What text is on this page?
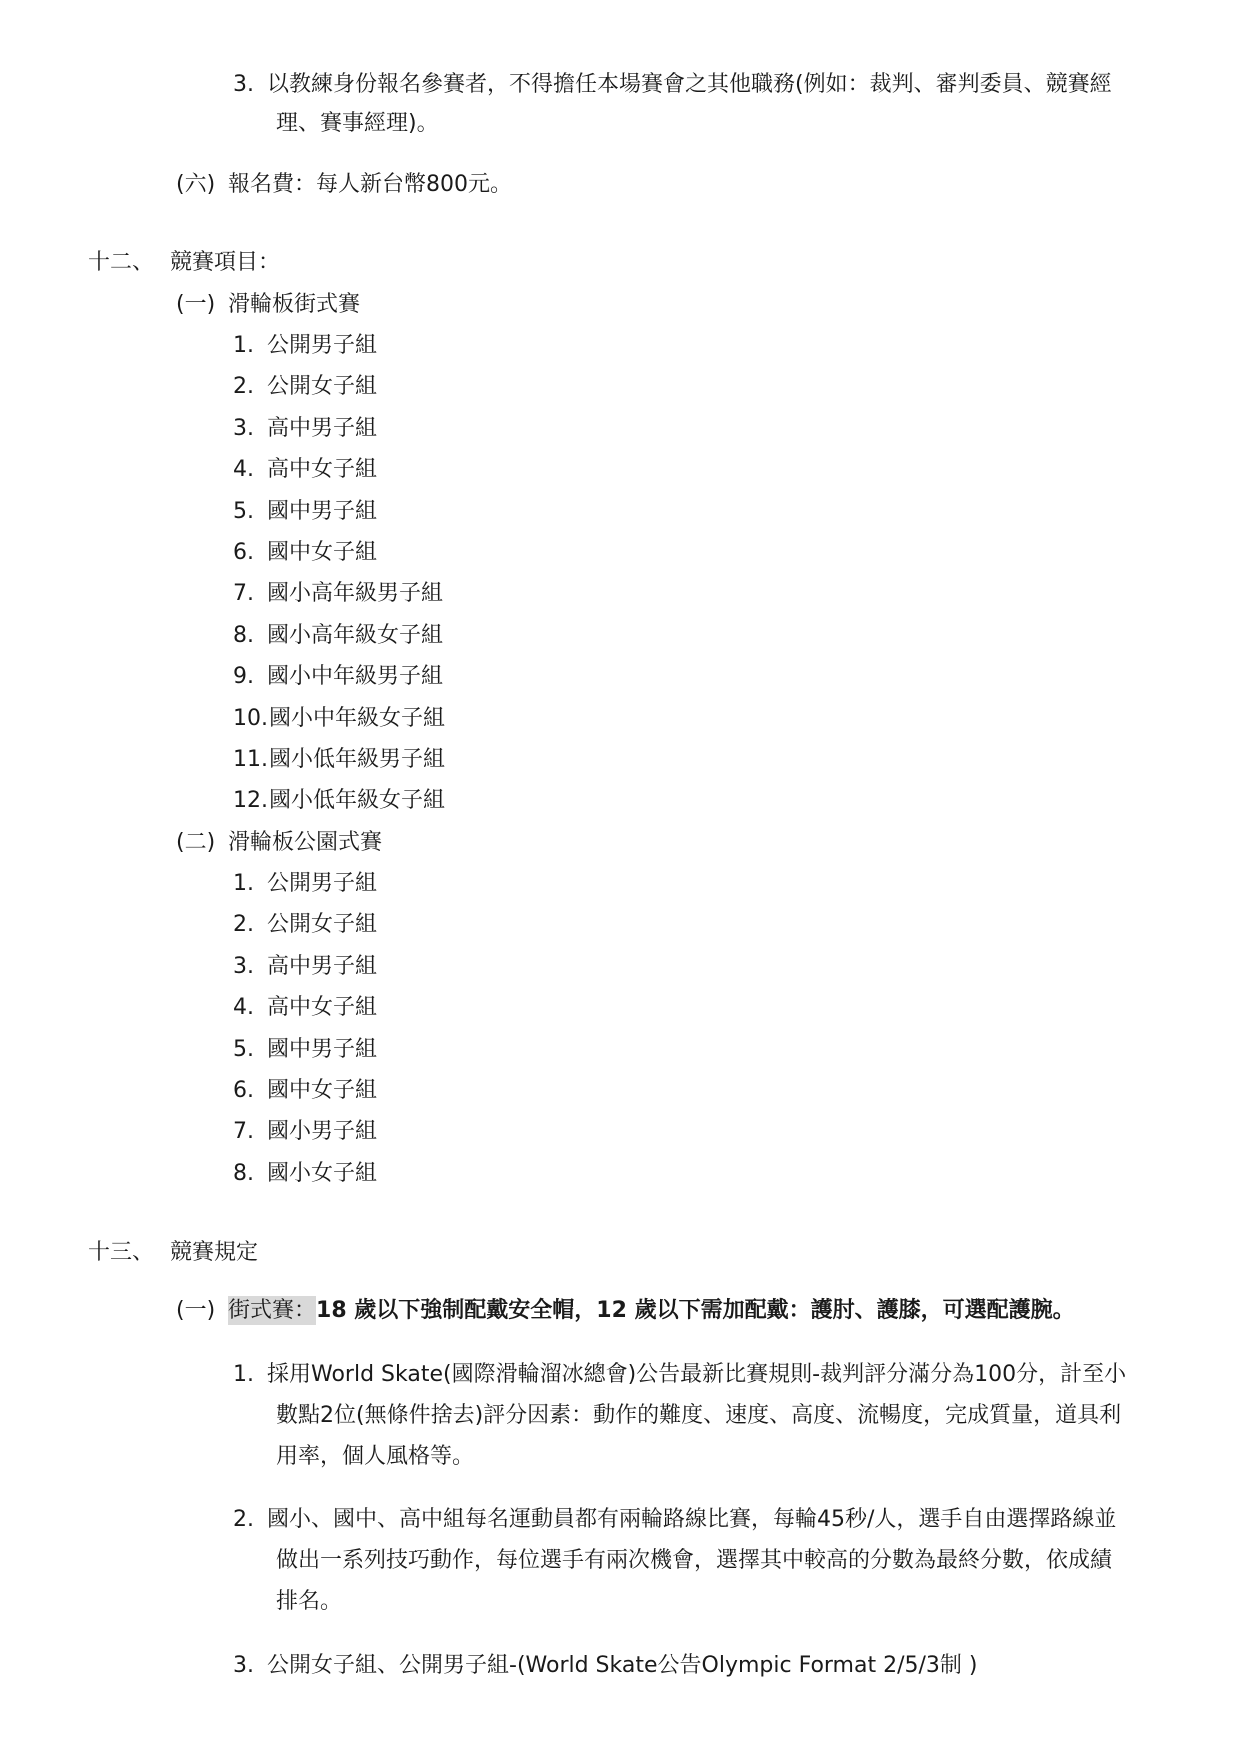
3. 以教練身份報名參賽者，不得擔任本場賽會之其他職務(例如：裁判、審判委員、競賽經
理、賽事經理)。
(六) 報名費：每人新台幣800元。
十二、 競賽項目：
(一) 滑輪板街式賽
1. 公開男子組
2. 公開女子組
3. 高中男子組
4. 高中女子組
5. 國中男子組
6. 國中女子組
7. 國小高年級男子組
8. 國小高年級女子組
9. 國小中年級男子組
10. 國小中年級女子組
11. 國小低年級男子組
12. 國小低年級女子組
(二) 滑輪板公園式賽
1. 公開男子組
2. 公開女子組
3. 高中男子組
4. 高中女子組
5. 國中男子組
6. 國中女子組
7. 國小男子組
8. 國小女子組
十三、 競賽規定
(一) 街式賽：18 歲以下強制配戴安全帽，12 歲以下需加配戴：護肘、護膝，可選配護腕。
1. 採用World Skate(國際滑輪溜冰總會)公告最新比賽規則-裁判評分滿分為100分，計至小
數點2位(無條件捨去)評分因素：動作的難度、速度、高度、流暢度，完成質量，道具利
用率，個人風格等。
2. 國小、國中、高中組每名運動員都有兩輪路線比賽，每輪45秒/人，選手自由選擇路線並
做出一系列技巧動作，每位選手有兩次機會，選擇其中較高的分數為最終分數，依成績
排名。
3. 公開女子組、公開男子組-(World Skate公告Olympic Format 2/5/3制 )
